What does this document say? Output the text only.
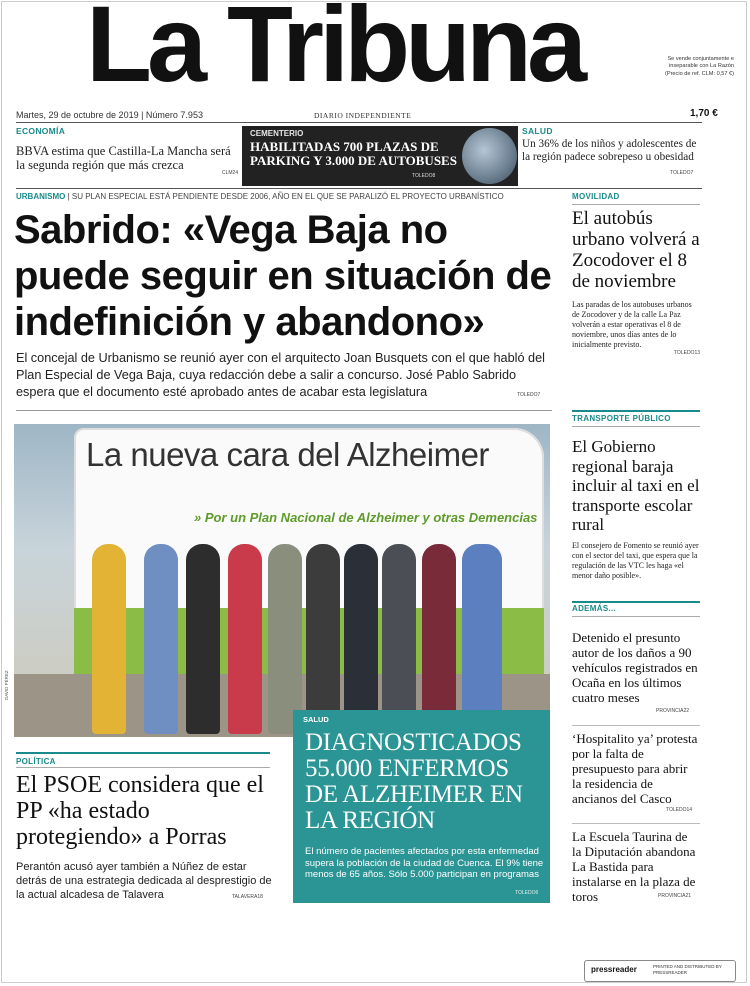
La Tribuna	Se vende conjuntamente e inseparable con La Razón (Precio de ref. CLM: 0,57 €)
Martes, 29 de octubre de 2019 | Número 7.953	DIARIO INDEPENDIENTE	1,70 €
ECONOMÍA
BBVA estima que Castilla-La Mancha será la segunda región que más crezca
CLM24
CEMENTERIO
HABILITADAS 700 PLAZAS DE PARKING Y 3.000 DE AUTOBUSES
TOLEDO8
SALUD
Un 36% de los niños y adolescentes de la región padece sobrepeso u obesidad
TOLEDO7
URBANISMO | SU PLAN ESPECIAL ESTÁ PENDIENTE DESDE 2006, AÑO EN EL QUE SE PARALIZÓ EL PROYECTO URBANÍSTICO
Sabrido: «Vega Baja no puede seguir en situación de indefinición y abandono»
El concejal de Urbanismo se reunió ayer con el arquitecto Joan Busquets con el que habló del Plan Especial de Vega Baja, cuya redacción debe a salir a concurso. José Pablo Sabrido espera que el documento esté aprobado antes de acabar esta legislatura	TOLEDO7
La nueva cara del Alzheimer
» Por un Plan Nacional de Alzheimer y otras Demencias
DAVID PÉREZ
MOVILIDAD
El autobús urbano volverá a Zocodover el 8 de noviembre
Las paradas de los autobuses urbanos de Zocodover y de la calle La Paz volverán a estar operativas el 8 de noviembre, unos días antes de lo inicialmente previsto.
TOLEDO13
TRANSPORTE PÚBLICO
El Gobierno regional baraja incluir al taxi en el transporte escolar rural
El consejero de Fomento se reunió ayer con el sector del taxi, que espera que la regulación de las VTC les haga «el menor daño posible».
ADEMÁS...
Detenido el presunto autor de los daños a 90 vehículos registrados en Ocaña en los últimos cuatro meses
PROVINCIA22
‘Hospitalito ya’ protesta por la falta de presupuesto para abrir la residencia de ancianos del Casco
TOLEDO14
La Escuela Taurina de la Diputación abandona La Bastida para instalarse en la plaza de toros	PROVINCIA21
POLÍTICA
El PSOE considera que el PP «ha estado protegiendo» a Porras
Perantón acusó ayer también a Núñez de estar detrás de una estrategia dedicada al desprestigio de la actual alcadesa de Talavera	TALAVERA18
SALUD
DIAGNOSTICADOS 55.000 ENFERMOS DE ALZHEIMER EN LA REGIÓN
El número de pacientes afectados por esta enfermedad supera la población de la ciudad de Cuenca. El 9% tiene menos de 65 años. Sólo 5.000 participan en programas
TOLEDO6
pressreader	PRINTED AND DISTRIBUTED BY PRESSREADER
